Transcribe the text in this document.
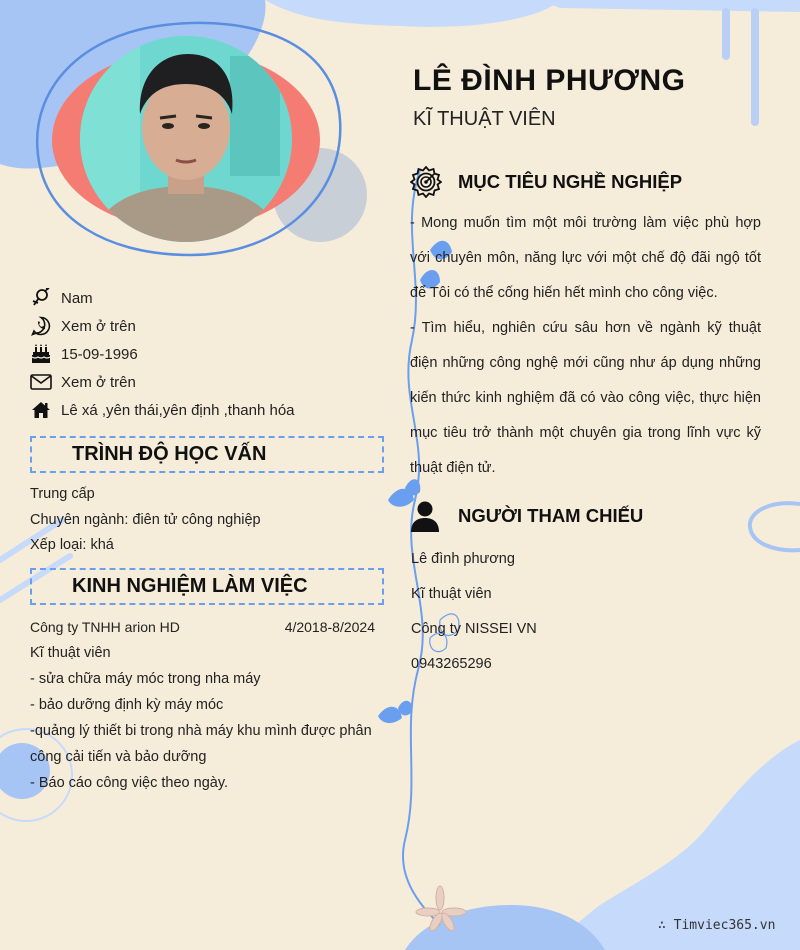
LÊ ĐÌNH PHƯƠNG
KĨ THUẬT VIÊN
Nam
Xem ở trên
15-09-1996
Xem ở trên
Lê xá ,yên thái,yên định ,thanh hóa
TRÌNH ĐỘ HỌC VẤN
Trung cấp
Chuyên ngành: điên tử công nghiệp
Xếp loại: khá
KINH NGHIỆM LÀM VIỆC
Công ty TNHH arion HD	4/2018-8/2024
Kĩ thuật viên
- sửa chữa máy móc trong nha máy
- bảo dưỡng định kỳ máy móc
-quảng lý thiết bi trong nhà máy khu mình được phân công cải tiến và bảo dưỡng
- Báo cáo công việc theo ngày.
MỤC TIÊU NGHỀ NGHIỆP

- Mong muốn tìm một môi trường làm việc phù hợp với chuyên môn, năng lực với một chế độ đãi ngộ tốt để Tôi có thể cống hiến hết mình cho công việc.

- Tìm hiểu, nghiên cứu sâu hơn về ngành kỹ thuật điện những công nghệ mới cũng như áp dụng những kiến thức kinh nghiệm đã có vào công việc, thực hiện mục tiêu trở thành một chuyên gia trong lĩnh vực kỹ thuật điện tử.

NGƯỜI THAM CHIẾU
Lê đình phương
Kĩ thuật viên
Công ty NISSEI VN
0943265296
∴ Timviec365.vn
